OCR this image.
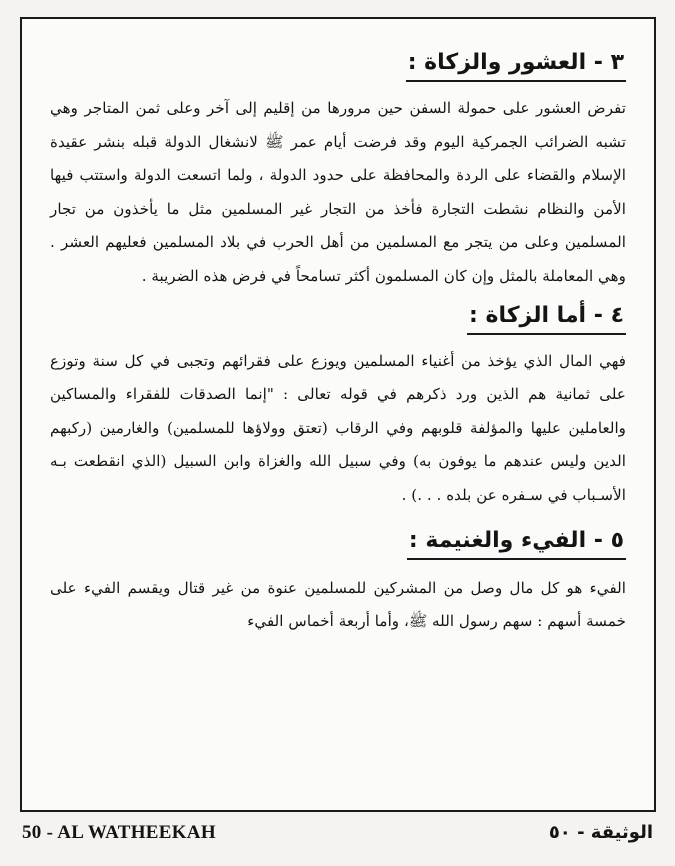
٣ - العشور والزكاة :

تفرض العشور على حمولة السفن حين مرورها من إقليم إلى آخر وعلى ثمن المتاجر وهي تشبه الضرائب الجمركية اليوم وقد فرضت أيام عمر ﷺ لانشغال الدولة قبله بنشر عقيدة الإسلام والقضاء على الردة والمحافظة على حدود الدولة ، ولما اتسعت الدولة واستتب فيها الأمن والنظام نشطت التجارة فأخذ من التجار غير المسلمين مثل ما يأخذون من تجار المسلمين وعلى من يتجر مع المسلمين من أهل الحرب في بلاد المسلمين فعليهم العشر . وهي المعاملة بالمثل وإن كان المسلمون أكثر تسامحاً في فرض هذه الضريبة .

٤ - أما الزكاة :

فهي المال الذي يؤخذ من أغنياء المسلمين ويوزع على فقرائهم وتجبى في كل سنة وتوزع على ثمانية هم الذين ورد ذكرهم في قوله تعالى : "إنما الصدقات للفقراء والمساكين والعاملين عليها والمؤلفة قلوبهم وفي الرقاب (تعتق وولاؤها للمسلمين) والغارمين (ركبهم الدين وليس عندهم ما يوفون به) وفي سبيل الله والغزاة وابن السبيل (الذي انقطعت بـه الأسـباب في سـفره عن بلده . . .) .

٥ - الفيء والغنيمة :

الفيء هو كل مال وصل من المشركين للمسلمين عنوة من غير قتال ويقسم الفيء على خمسة أسهم : سهم رسول الله ﷺ، وأما أربعة أخماس الفيء

50 - AL WATHEEKAH	الوثيقة - ٥٠
